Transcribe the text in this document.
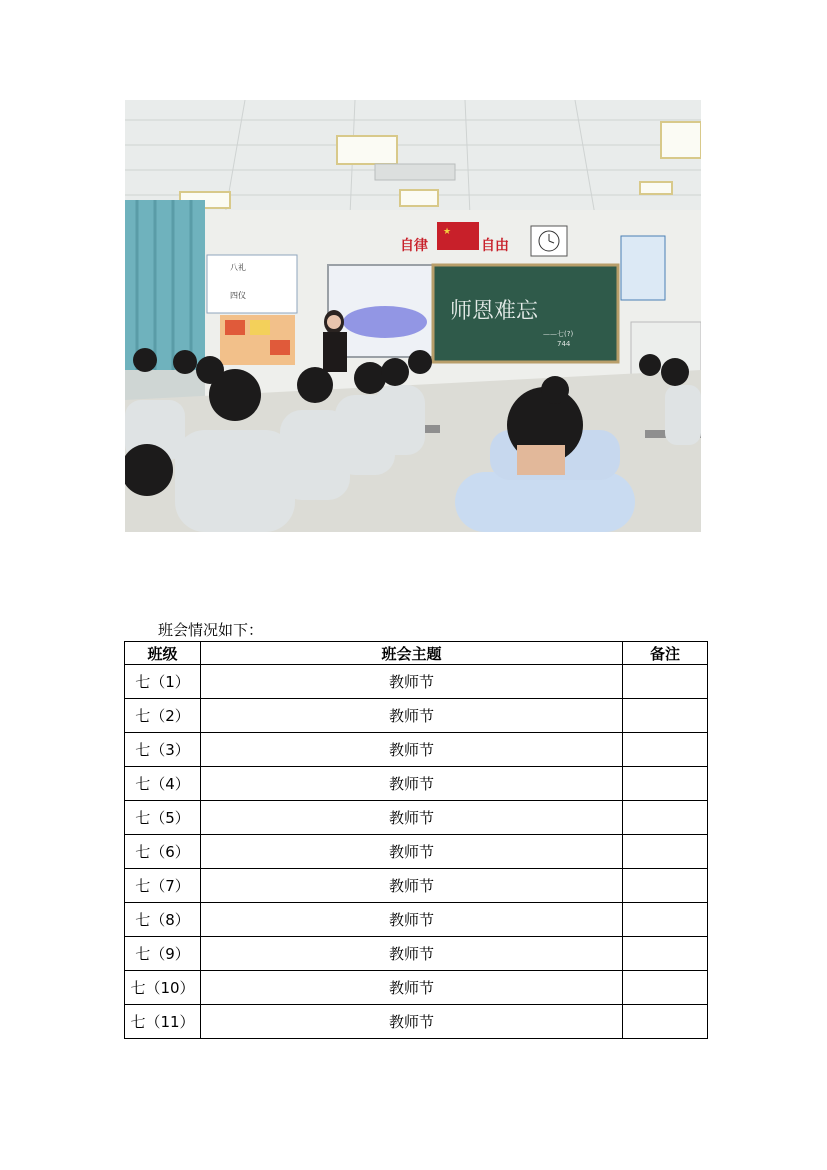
★
自律	自由
八礼
四仪
师恩难忘
——七(?)
744
班会情况如下：
班级	班会主题	备注
七（1）	教师节	
七（2）	教师节	
七（3）	教师节	
七（4）	教师节	
七（5）	教师节	
七（6）	教师节	
七（7）	教师节	
七（8）	教师节	
七（9）	教师节	
七（10）	教师节	
七（11）	教师节	
